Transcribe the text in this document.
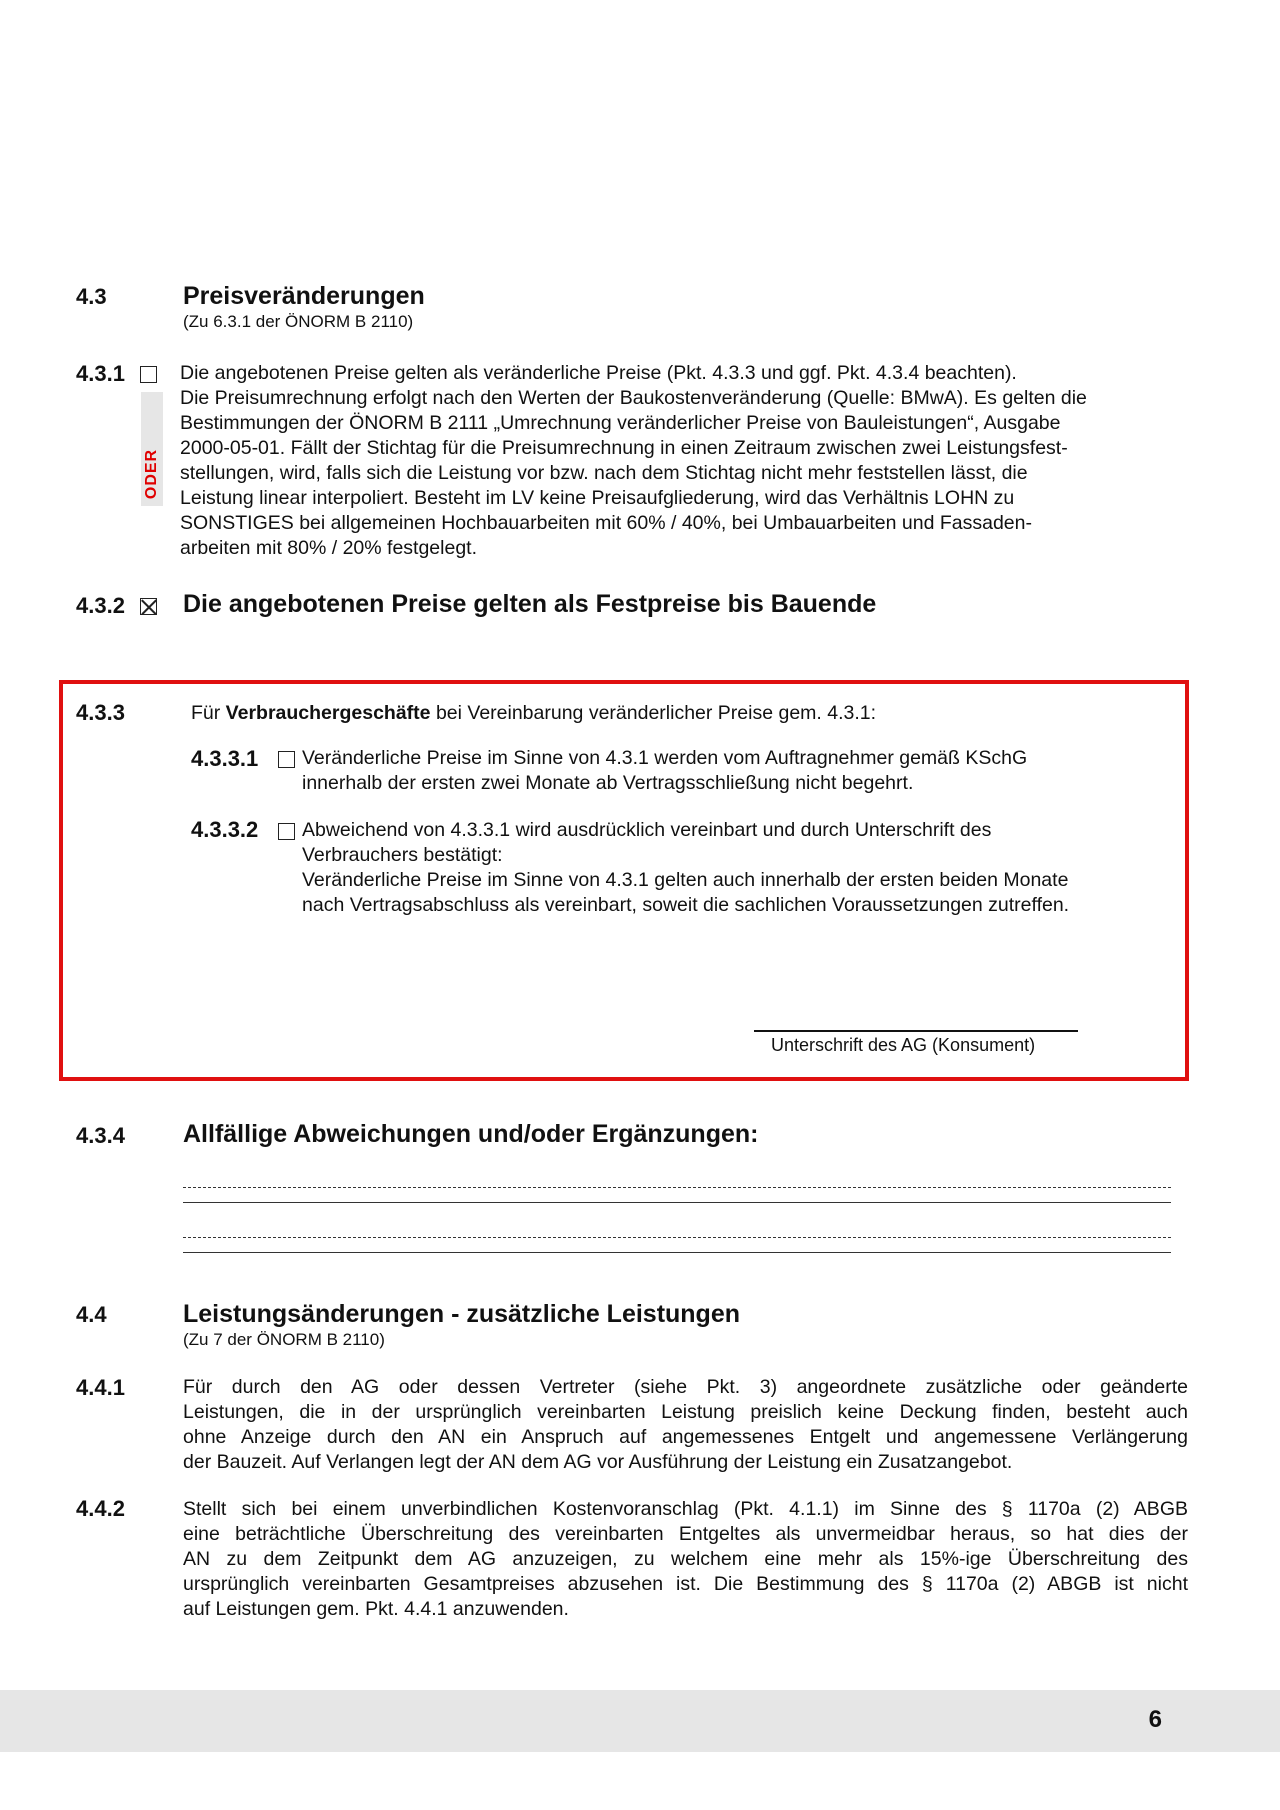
4.3	Preisveränderungen
(Zu 6.3.1 der ÖNORM B 2110)
4.3.1
ODER
Die angebotenen Preise gelten als veränderliche Preise (Pkt. 4.3.3 und ggf. Pkt. 4.3.4 beachten).
Die Preisumrechnung erfolgt nach den Werten der Baukostenveränderung (Quelle: BMwA). Es gelten die
Bestimmungen der ÖNORM B 2111 „Umrechnung veränderlicher Preise von Bauleistungen“, Ausgabe
2000-05-01. Fällt der Stichtag für die Preisumrechnung in einen Zeitraum zwischen zwei Leistungsfest-
stellungen, wird, falls sich die Leistung vor bzw. nach dem Stichtag nicht mehr feststellen lässt, die
Leistung linear interpoliert. Besteht im LV keine Preisaufgliederung, wird das Verhältnis LOHN zu
SONSTIGES bei allgemeinen Hochbauarbeiten mit 60% / 40%, bei Umbauarbeiten und Fassaden-
arbeiten mit 80% / 20% festgelegt.
4.3.2 Die angebotenen Preise gelten als Festpreise bis Bauende
4.3.3	Für Verbrauchergeschäfte bei Vereinbarung veränderlicher Preise gem. 4.3.1:
4.3.3.1 Veränderliche Preise im Sinne von 4.3.1 werden vom Auftragnehmer gemäß KSchG
innerhalb der ersten zwei Monate ab Vertragsschließung nicht begehrt.
4.3.3.2 Abweichend von 4.3.3.1 wird ausdrücklich vereinbart und durch Unterschrift des
Verbrauchers bestätigt:
Veränderliche Preise im Sinne von 4.3.1 gelten auch innerhalb der ersten beiden Monate
nach Vertragsabschluss als vereinbart, soweit die sachlichen Voraussetzungen zutreffen.
Unterschrift des AG (Konsument)
4.3.4 Allfällige Abweichungen und/oder Ergänzungen:
4.4	Leistungsänderungen - zusätzliche Leistungen
(Zu 7 der ÖNORM B 2110)
4.4.1	Für durch den AG oder dessen Vertreter (siehe Pkt. 3) angeordnete zusätzliche oder geänderte
Leistungen, die in der ursprünglich vereinbarten Leistung preislich keine Deckung finden, besteht auch
ohne Anzeige durch den AN ein Anspruch auf angemessenes Entgelt und angemessene Verlängerung
der Bauzeit. Auf Verlangen legt der AN dem AG vor Ausführung der Leistung ein Zusatzangebot.
4.4.2	Stellt sich bei einem unverbindlichen Kostenvoranschlag (Pkt. 4.1.1) im Sinne des § 1170a (2) ABGB
eine beträchtliche Überschreitung des vereinbarten Entgeltes als unvermeidbar heraus, so hat dies der
AN zu dem Zeitpunkt dem AG anzuzeigen, zu welchem eine mehr als 15%-ige Überschreitung des
ursprünglich vereinbarten Gesamtpreises abzusehen ist. Die Bestimmung des § 1170a (2) ABGB ist nicht
auf Leistungen gem. Pkt. 4.4.1 anzuwenden.
6
